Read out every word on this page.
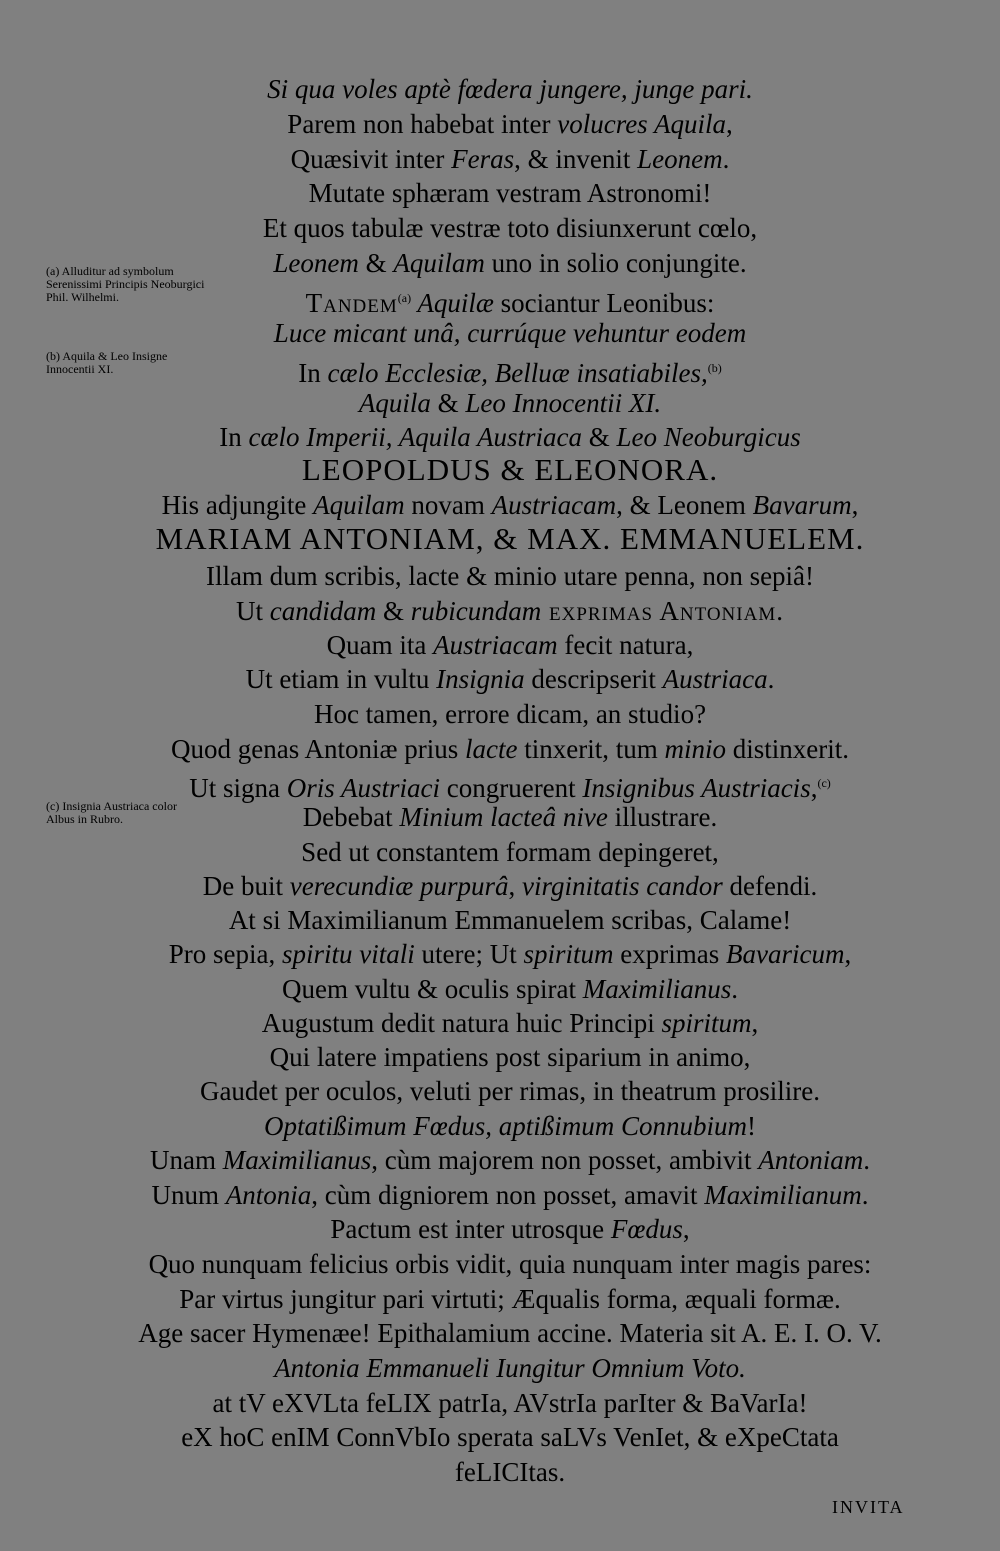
(a) Alluditur ad symbolum Serenissimi Principis Neoburgici Phil. Wilhelmi.
(b) Aquila & Leo Insigne Innocentii XI.
(c) Insignia Austriaca color Albus in Rubro.
Si qua voles aptè fœdera jungere, junge pari.
Parem non habebat inter volucres Aquila,
Quæsivit inter Feras, & invenit Leonem.
Mutate sphæram vestram Astronomi!
Et quos tabulæ vestræ toto disiunxerunt cœlo,
Leonem & Aquilam uno in solio conjungite.
Tandem$^{(a)}$ Aquilæ sociantur Leonibus:
Luce micant unâ, currúque vehuntur eodem
In cælo Ecclesiæ, Belluæ insatiabiles,$^{(b)}$
Aquila & Leo Innocentii XI.
In cælo Imperii, Aquila Austriaca & Leo Neoburgicus
LEOPOLDUS & ELEONORA.
His adjungite Aquilam novam Austriacam, & Leonem Bavarum,
MARIAM ANTONIAM, & MAX. EMMANUELEM.
Illam dum scribis, lacte & minio utare penna, non sepiâ!
Ut candidam & rubicundam exprimas Antoniam.
Quam ita Austriacam fecit natura,
Ut etiam in vultu Insignia descripserit Austriaca.
Hoc tamen, errore dicam, an studio?
Quod genas Antoniæ prius lacte tinxerit, tum minio distinxerit.
Ut signa Oris Austriaci congruerent Insignibus Austriacis,$^{(c)}$
Debebat Minium lacteâ nive illustrare.
Sed ut constantem formam depingeret,
De buit verecundiæ purpurâ, virginitatis candor defendi.
At si Maximilianum Emmanuelem scribas, Calame!
Pro sepia, spiritu vitali utere; Ut spiritum exprimas Bavaricum,
Quem vultu & oculis spirat Maximilianus.
Augustum dedit natura huic Principi spiritum,
Qui latere impatiens post siparium in animo,
Gaudet per oculos, veluti per rimas, in theatrum prosilire.
Optatißimum Fœdus, aptißimum Connubium!
Unam Maximilianus, cùm majorem non posset, ambivit Antoniam.
Unum Antonia, cùm digniorem non posset, amavit Maximilianum.
Pactum est inter utrosque Fœdus,
Quo nunquam felicius orbis vidit, quia nunquam inter magis pares:
Par virtus jungitur pari virtuti; Æqualis forma, æquali formæ.
Age sacer Hymenæe! Epithalamium accine. Materia sit A. E. I. O. V.
Antonia Emmanueli Iungitur Omnium Voto.
at tV eXVLta feLIX patrIa, AVstrIa parIter & BaVarIa!
eX hoC enIM ConnVbIo sperata saLVs VenIet, & eXpeCtata
feLICItas.
INVITA
